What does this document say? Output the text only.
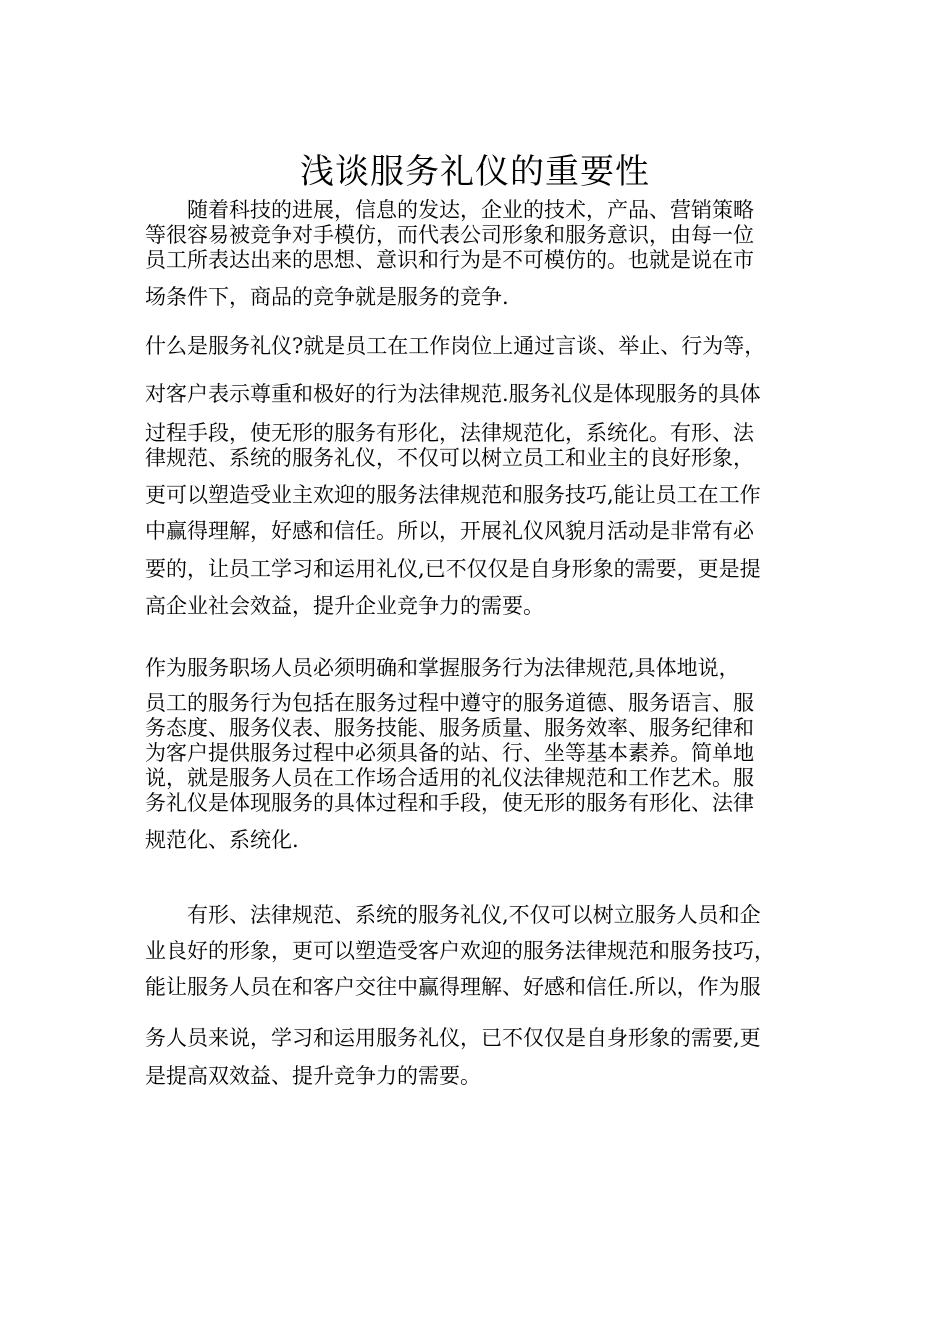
浅谈服务礼仪的重要性

　　随着科技的进展，信息的发达，企业的技术，产品、营销策略

等很容易被竞争对手模仿，而代表公司形象和服务意识，由每一位

员工所表达出来的思想、意识和行为是不可模仿的。也就是说在市

场条件下，商品的竞争就是服务的竞争.

什么是服务礼仪?就是员工在工作岗位上通过言谈、举止、行为等，

对客户表示尊重和极好的行为法律规范.服务礼仪是体现服务的具体

过程手段，使无形的服务有形化，法律规范化，系统化。有形、法

律规范、系统的服务礼仪，不仅可以树立员工和业主的良好形象，

更可以塑造受业主欢迎的服务法律规范和服务技巧,能让员工在工作

中赢得理解，好感和信任。所以，开展礼仪风貌月活动是非常有必

要的，让员工学习和运用礼仪,已不仅仅是自身形象的需要，更是提

高企业社会效益，提升企业竞争力的需要。

作为服务职场人员必须明确和掌握服务行为法律规范,具体地说，

员工的服务行为包括在服务过程中遵守的服务道德、服务语言、服

务态度、服务仪表、服务技能、服务质量、服务效率、服务纪律和

为客户提供服务过程中必须具备的站、行、坐等基本素养。简单地

说，就是服务人员在工作场合适用的礼仪法律规范和工作艺术。服

务礼仪是体现服务的具体过程和手段，使无形的服务有形化、法律

规范化、系统化.

　　有形、法律规范、系统的服务礼仪,不仅可以树立服务人员和企

业良好的形象，更可以塑造受客户欢迎的服务法律规范和服务技巧，

能让服务人员在和客户交往中赢得理解、好感和信任.所以，作为服

务人员来说，学习和运用服务礼仪，已不仅仅是自身形象的需要,更

是提高双效益、提升竞争力的需要。
